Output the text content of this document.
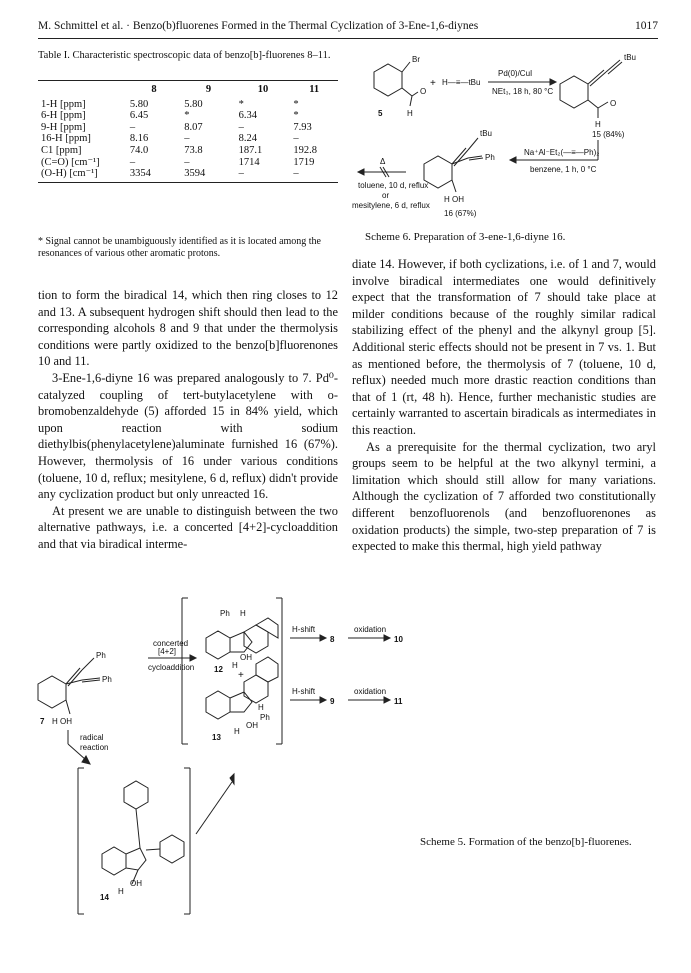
M. Schmittel et al. · Benzo(b)fluorenes Formed in the Thermal Cyclization of 3-Ene-1,6-diynes	1017
Table I. Characteristic spectroscopic data of benzo[b]-fluorenes 8–11.
	8	9	10	11
1-H [ppm]	5.80	5.80	*	*
6-H [ppm]	6.45	*	6.34	*
9-H [ppm]	–	8.07	–	7.93
16-H [ppm]	8.16	–	8.24	–
C1 [ppm]	74.0	73.8	187.1	192.8
(C=O) [cm⁻¹]	–	–	1714	1719
(O-H) [cm⁻¹]	3354	3594	–	–
* Signal cannot be unambiguously identified as it is located among the resonances of various other aromatic protons.

tion to form the biradical 14, which then ring closes to 12 and 13. A subsequent hydrogen shift should then lead to the corresponding alcohols 8 and 9 that under the thermolysis conditions were partly oxidized to the benzo[b]fluorenones 10 and 11.

3-Ene-1,6-diyne 16 was prepared analogously to 7. Pd⁰-catalyzed coupling of tert-butylacetylene with o-bromobenzaldehyde (5) afforded 15 in 84% yield, which upon reaction with sodium diethylbis(phenylacetylene)aluminate furnished 16 (67%). However, thermolysis of 16 under various conditions (toluene, 10 d, reflux; mesitylene, 6 d, reflux) didn't provide any cyclization product but only unreacted 16.

At present we are unable to distinguish between the two alternative pathways, i.e. a concerted [4+2]-cycloaddition and that via biradical interme-

Br
O
H
5
+ H—≡—tBu
Pd(0)/CuI
NEt₃, 18 h, 80 °C
tBu
O
H
15 (84%)
Na⁺Al⁻Et₂(—≡—Ph)₂
benzene, 1 h, 0 °C
tBu
Ph
H OH
16 (67%)
Δ
toluene, 10 d, reflux
or
mesitylene, 6 d, reflux
Scheme 6. Preparation of 3-ene-1,6-diyne 16.

diate 14. However, if both cyclizations, i.e. of 1 and 7, would involve biradical intermediates one would definitively expect that the transformation of 7 should take place at milder conditions because of the roughly similar radical stabilizing effect of the phenyl and the alkynyl group [5]. Additional steric effects should not be present in 7 vs. 1. But as mentioned before, the thermolysis of 7 (toluene, 10 d, reflux) needed much more drastic reaction conditions than that of 1 (rt, 48 h). Hence, further mechanistic studies are certainly warranted to ascertain biradicals as intermediates in this reaction.

As a prerequisite for the thermal cyclization, two aryl groups seem to be helpful at the two alkynyl termini, a limitation which should still allow for many variations. Although the cyclization of 7 afforded two constitutionally different benzofluorenols (and benzofluorenones as oxidation products) the simple, two-step preparation of 7 is expected to make this thermal, high yield pathway

Ph
Ph
7 H OH
concerted
[4+2]
cycloaddition
radical
reaction
Ph H
OH
H
12
+
H
Ph
OH
H
13
H-shift
8
oxidation
10
H-shift
9
oxidation
11
H
OH
14
Scheme 5. Formation of the benzo[b]-fluorenes.
